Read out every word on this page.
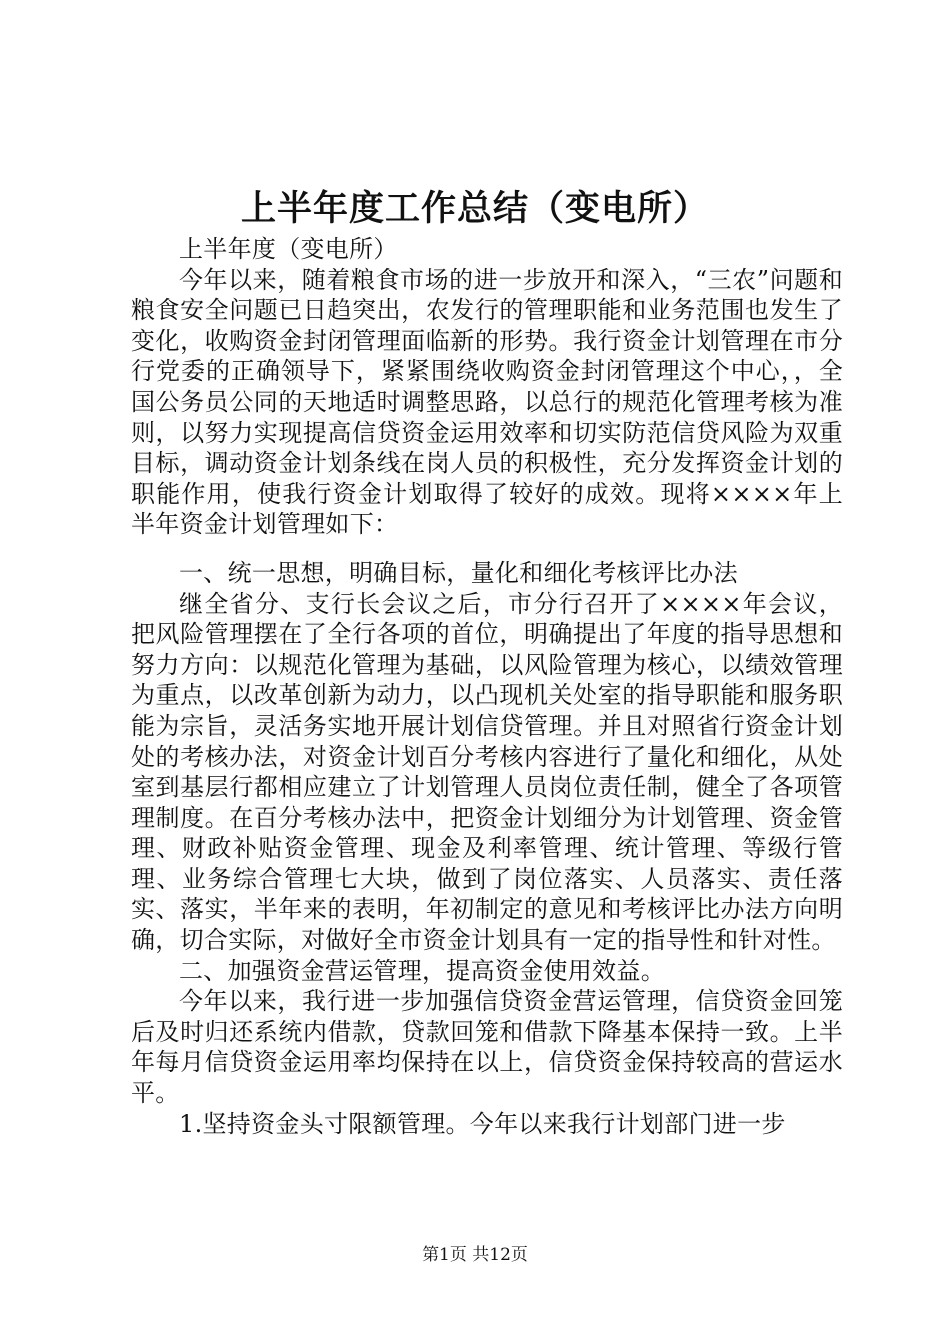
上半年度工作总结（变电所）

上半年度（变电所）

今年以来，随着粮食市场的进一步放开和深入，“三农”问题和粮食安全问题已日趋突出，农发行的管理职能和业务范围也发生了变化，收购资金封闭管理面临新的形势。我行资金计划管理在市分行党委的正确领导下，紧紧围绕收购资金封闭管理这个中心，，全国公务员公同的天地适时调整思路，以总行的规范化管理考核为准则，以努力实现提高信贷资金运用效率和切实防范信贷风险为双重目标，调动资金计划条线在岗人员的积极性，充分发挥资金计划的职能作用，使我行资金计划取得了较好的成效。现将××××年上半年资金计划管理如下：

一、统一思想，明确目标，量化和细化考核评比办法

继全省分、支行长会议之后，市分行召开了××××年会议，把风险管理摆在了全行各项的首位，明确提出了年度的指导思想和努力方向：以规范化管理为基础，以风险管理为核心，以绩效管理为重点，以改革创新为动力，以凸现机关处室的指导职能和服务职能为宗旨，灵活务实地开展计划信贷管理。并且对照省行资金计划处的考核办法，对资金计划百分考核内容进行了量化和细化，从处室到基层行都相应建立了计划管理人员岗位责任制，健全了各项管理制度。在百分考核办法中，把资金计划细分为计划管理、资金管理、财政补贴资金管理、现金及利率管理、统计管理、等级行管理、业务综合管理七大块，做到了岗位落实、人员落实、责任落实、落实，半年来的表明，年初制定的意见和考核评比办法方向明确，切合实际，对做好全市资金计划具有一定的指导性和针对性。

二、加强资金营运管理，提高资金使用效益。

今年以来，我行进一步加强信贷资金营运管理，信贷资金回笼后及时归还系统内借款，贷款回笼和借款下降基本保持一致。上半年每月信贷资金运用率均保持在以上，信贷资金保持较高的营运水平。

1.坚持资金头寸限额管理。今年以来我行计划部门进一步

第1页 共12页
